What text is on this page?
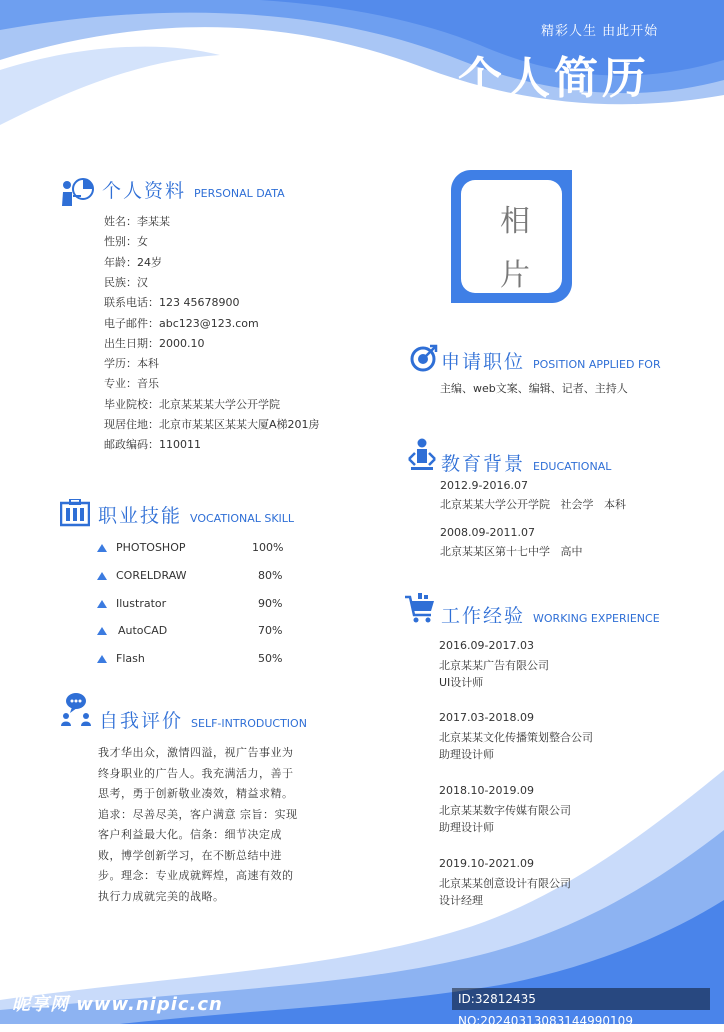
精彩人生 由此开始
个人简历
个人资料 PERSONAL DATA
姓名：李某某
性别：女
年龄：24岁
民族：汉
联系电话：123 45678900
电子邮件：abc123@123.com
出生日期：2000.10
学历：本科
专业：音乐
毕业院校：北京某某某大学公开学院
现居住地：北京市某某区某某大厦A梯201房
邮政编码：110011
职业技能 VOCATIONAL SKILL
PHOTOSHOP	100%
CORELDRAW	80%
Ilustrator	90%
AutoCAD	70%
Flash	50%
自我评价 SELF-INTRODUCTION
我才华出众，激情四溢，视广告事业为终身职业的广告人。我充满活力，善于思考，勇于创新敬业凑效，精益求精。追求：尽善尽美，客户满意 宗旨：实现客户利益最大化。信条：细节决定成败，博学创新学习，在不断总结中进步。理念：专业成就辉煌，高速有效的执行力成就完美的战略。
相
片
申请职位 POSITION APPLIED FOR
主编、web文案、编辑、记者、主持人
教育背景 EDUCATIONAL
2012.9-2016.07
北京某某大学公开学院   社会学   本科
2008.09-2011.07
北京某某区第十七中学   高中
工作经验 WORKING EXPERIENCE
2016.09-2017.03
北京某某广告有限公司
UI设计师
2017.03-2018.09
北京某某文化传播策划整合公司
助理设计师
2018.10-2019.09
北京某某数字传媒有限公司
助理设计师
2019.10-2021.09
北京某某创意设计有限公司
设计经理
昵享网 www.nipic.cn	ID:32812435 NO:20240313083144990109
